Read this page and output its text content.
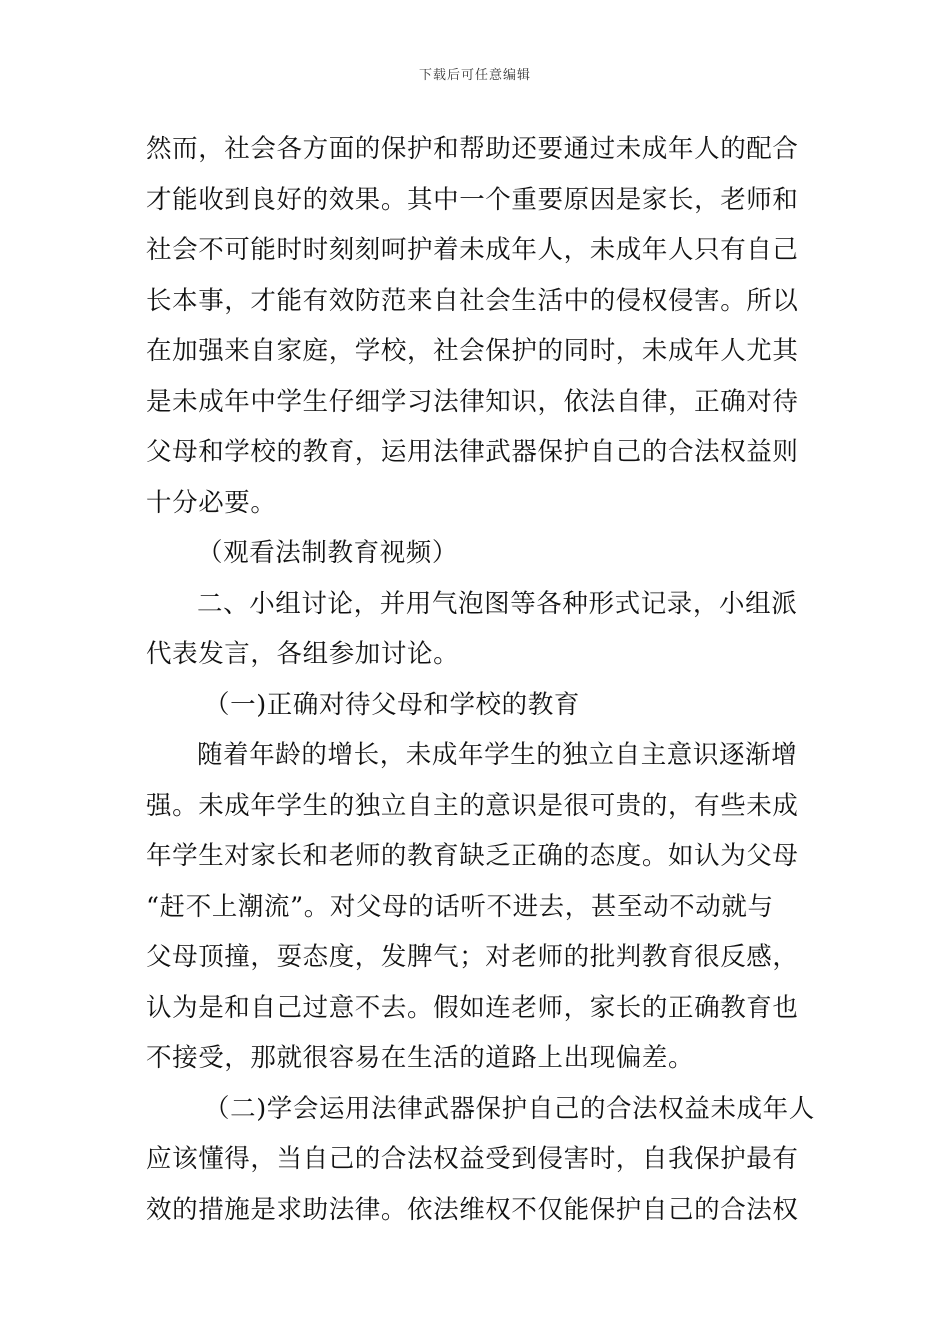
下载后可任意编辑
然而，社会各方面的保护和帮助还要通过未成年人的配合
才能收到良好的效果。其中一个重要原因是家长，老师和
社会不可能时时刻刻呵护着未成年人，未成年人只有自己
长本事，才能有效防范来自社会生活中的侵权侵害。所以
在加强来自家庭，学校，社会保护的同时，未成年人尤其
是未成年中学生仔细学习法律知识，依法自律，正确对待
父母和学校的教育，运用法律武器保护自己的合法权益则
十分必要。
（观看法制教育视频）
二、小组讨论，并用气泡图等各种形式记录，小组派
代表发言，各组参加讨论。
（一)正确对待父母和学校的教育
随着年龄的增长，未成年学生的独立自主意识逐渐增
强。未成年学生的独立自主的意识是很可贵的，有些未成
年学生对家长和老师的教育缺乏正确的态度。如认为父母
“赶不上潮流”。对父母的话听不进去，甚至动不动就与
父母顶撞，耍态度，发脾气；对老师的批判教育很反感，
认为是和自己过意不去。假如连老师，家长的正确教育也
不接受，那就很容易在生活的道路上出现偏差。
（二)学会运用法律武器保护自己的合法权益未成年人
应该懂得，当自己的合法权益受到侵害时，自我保护最有
效的措施是求助法律。依法维权不仅能保护自己的合法权
